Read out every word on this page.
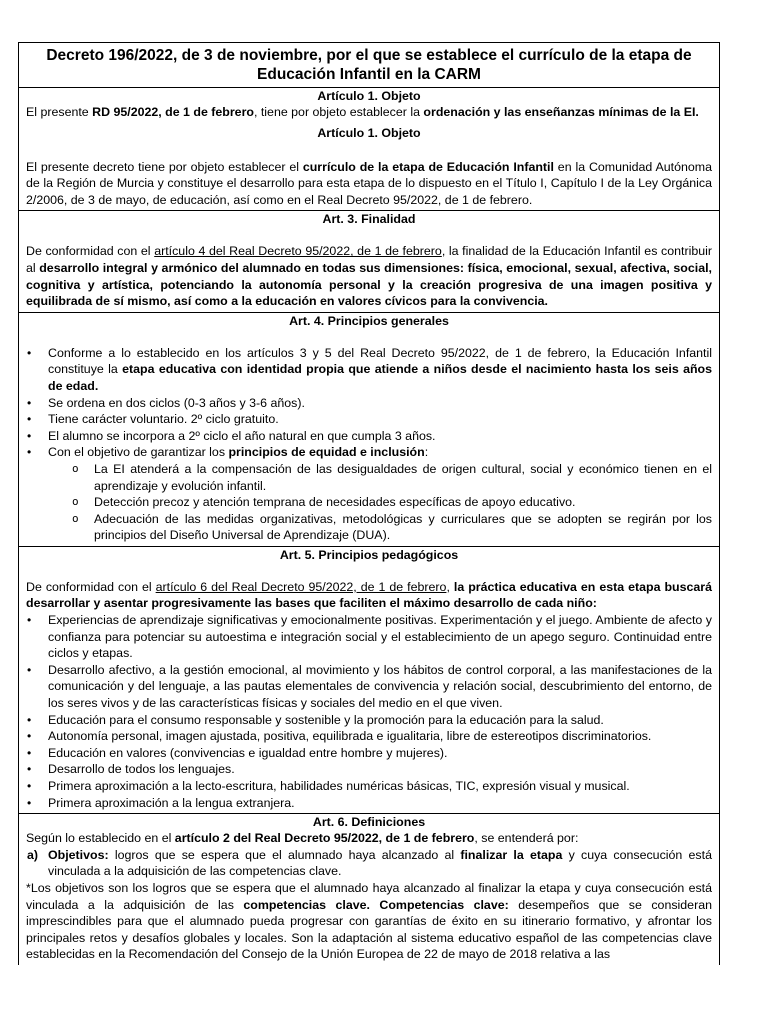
Decreto 196/2022, de 3 de noviembre, por el que se establece el currículo de la etapa de Educación Infantil en la CARM
Artículo 1. Objeto

El presente RD 95/2022, de 1 de febrero, tiene por objeto establecer la ordenación y las enseñanzas mínimas de la EI.

Artículo 1. Objeto

El presente decreto tiene por objeto establecer el currículo de la etapa de Educación Infantil en la Comunidad Autónoma de la Región de Murcia y constituye el desarrollo para esta etapa de lo dispuesto en el Título I, Capítulo I de la Ley Orgánica 2/2006, de 3 de mayo, de educación, así como en el Real Decreto 95/2022, de 1 de febrero.

Art. 3. Finalidad

De conformidad con el artículo 4 del Real Decreto 95/2022, de 1 de febrero, la finalidad de la Educación Infantil es contribuir al desarrollo integral y armónico del alumnado en todas sus dimensiones: física, emocional, sexual, afectiva, social, cognitiva y artística, potenciando la autonomía personal y la creación progresiva de una imagen positiva y equilibrada de sí mismo, así como a la educación en valores cívicos para la convivencia.

Art. 4. Principios generales
• Conforme a lo establecido en los artículos 3 y 5 del Real Decreto 95/2022, de 1 de febrero, la Educación Infantil constituye la etapa educativa con identidad propia que atiende a niños desde el nacimiento hasta los seis años de edad.
• Se ordena en dos ciclos (0-3 años y 3-6 años).
• Tiene carácter voluntario. 2º ciclo gratuito.
• El alumno se incorpora a 2º ciclo el año natural en que cumpla 3 años.
• Con el objetivo de garantizar los principios de equidad e inclusión:
o La EI atenderá a la compensación de las desigualdades de origen cultural, social y económico tienen en el aprendizaje y evolución infantil.
o Detección precoz y atención temprana de necesidades específicas de apoyo educativo.
o Adecuación de las medidas organizativas, metodológicas y curriculares que se adopten se regirán por los principios del Diseño Universal de Aprendizaje (DUA).
Art. 5. Principios pedagógicos

De conformidad con el artículo 6 del Real Decreto 95/2022, de 1 de febrero, la práctica educativa en esta etapa buscará desarrollar y asentar progresivamente las bases que faciliten el máximo desarrollo de cada niño:

• Experiencias de aprendizaje significativas y emocionalmente positivas. Experimentación y el juego. Ambiente de afecto y confianza para potenciar su autoestima e integración social y el establecimiento de un apego seguro. Continuidad entre ciclos y etapas.
• Desarrollo afectivo, a la gestión emocional, al movimiento y los hábitos de control corporal, a las manifestaciones de la comunicación y del lenguaje, a las pautas elementales de convivencia y relación social, descubrimiento del entorno, de los seres vivos y de las características físicas y sociales del medio en el que viven.
• Educación para el consumo responsable y sostenible y la promoción para la educación para la salud.
• Autonomía personal, imagen ajustada, positiva, equilibrada e igualitaria, libre de estereotipos discriminatorios.
• Educación en valores (convivencias e igualdad entre hombre y mujeres).
• Desarrollo de todos los lenguajes.
• Primera aproximación a la lecto-escritura, habilidades numéricas básicas, TIC, expresión visual y musical.
• Primera aproximación a la lengua extranjera.
Art. 6. Definiciones

Según lo establecido en el artículo 2 del Real Decreto 95/2022, de 1 de febrero, se entenderá por:

a) Objetivos: logros que se espera que el alumnado haya alcanzado al finalizar la etapa y cuya consecución está vinculada a la adquisición de las competencias clave.

*Los objetivos son los logros que se espera que el alumnado haya alcanzado al finalizar la etapa y cuya consecución está vinculada a la adquisición de las competencias clave. Competencias clave: desempeños que se consideran imprescindibles para que el alumnado pueda progresar con garantías de éxito en su itinerario formativo, y afrontar los principales retos y desafíos globales y locales. Son la adaptación al sistema educativo español de las competencias clave establecidas en la Recomendación del Consejo de la Unión Europea de 22 de mayo de 2018 relativa a las
